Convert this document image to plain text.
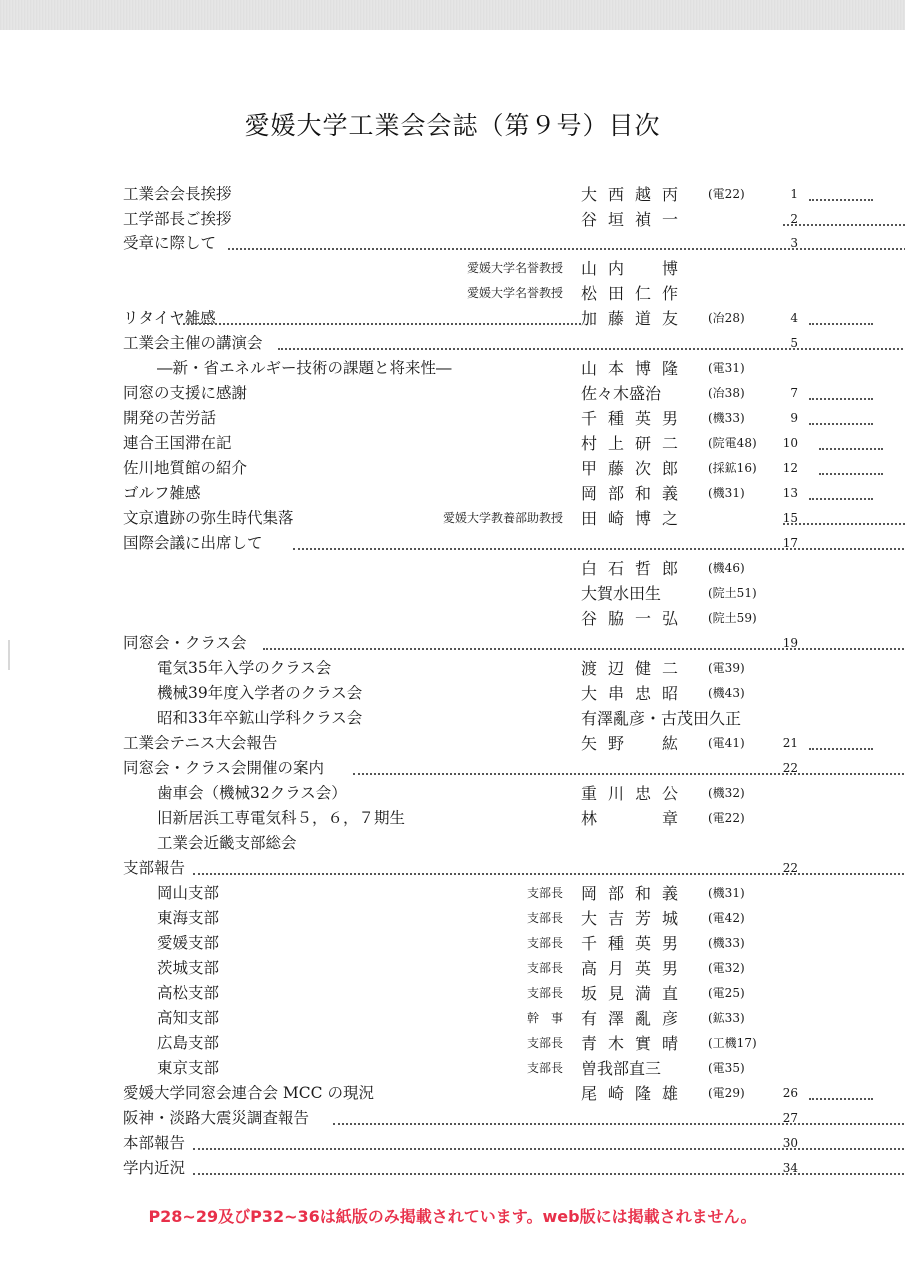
愛媛大学工業会会誌（第９号）目次
工業会会長挨拶	大西越丙 (電22)	1
工学部長ご挨拶	谷垣禎一	2
受章に際して	3
愛媛大学名誉教授 山内　博
愛媛大学名誉教授 松田仁作
リタイヤ雑感	加藤道友 (冶28)	4
工業会主催の講演会	5
―新・省エネルギー技術の課題と将来性―	山本博隆 (電31)
同窓の支援に感謝	佐々木盛治	(冶38)	7
開発の苦労話	千種英男 (機33)	9
連合王国滞在記	村上研二 (院電48) 10
佐川地質館の紹介	甲藤次郎 (採鉱16) 12
ゴルフ雑感	岡部和義 (機31)	13
文京遺跡の弥生時代集落	愛媛大学教養部助教授 田崎博之	15
国際会議に出席して	17
白石哲郎 (機46)
大賀水田生	(院土51)
谷脇一弘 (院土59)
同窓会・クラス会	19
電気35年入学のクラス会	渡辺健二 (電39)
機械39年度入学者のクラス会	大串忠昭 (機43)
昭和33年卒鉱山学科クラス会	有澤亂彦・古茂田久正
工業会テニス大会報告	矢野　紘 (電41)	21
同窓会・クラス会開催の案内	22
歯車会（機械32クラス会）	重川忠公 (機32)
旧新居浜工専電気科５，６，７期生	林　　章 (電22)
工業会近畿支部総会
支部報告	22
岡山支部	支部長 岡部和義 (機31)
東海支部	支部長 大吉芳城 (電42)
愛媛支部	支部長 千種英男 (機33)
茨城支部	支部長 高月英男 (電32)
高松支部	支部長 坂見満直 (電25)
高知支部	幹　事 有澤亂彦 (鉱33)
広島支部	支部長 青木實晴 (工機17)
東京支部	支部長 曽我部直三	(電35)
愛媛大学同窓会連合会 MCC の現況	尾崎隆雄 (電29)	26
阪神・淡路大震災調査報告	27
本部報告	30
学内近況	34
P28~29及びP32~36は紙版のみ掲載されています。web版には掲載されません。
